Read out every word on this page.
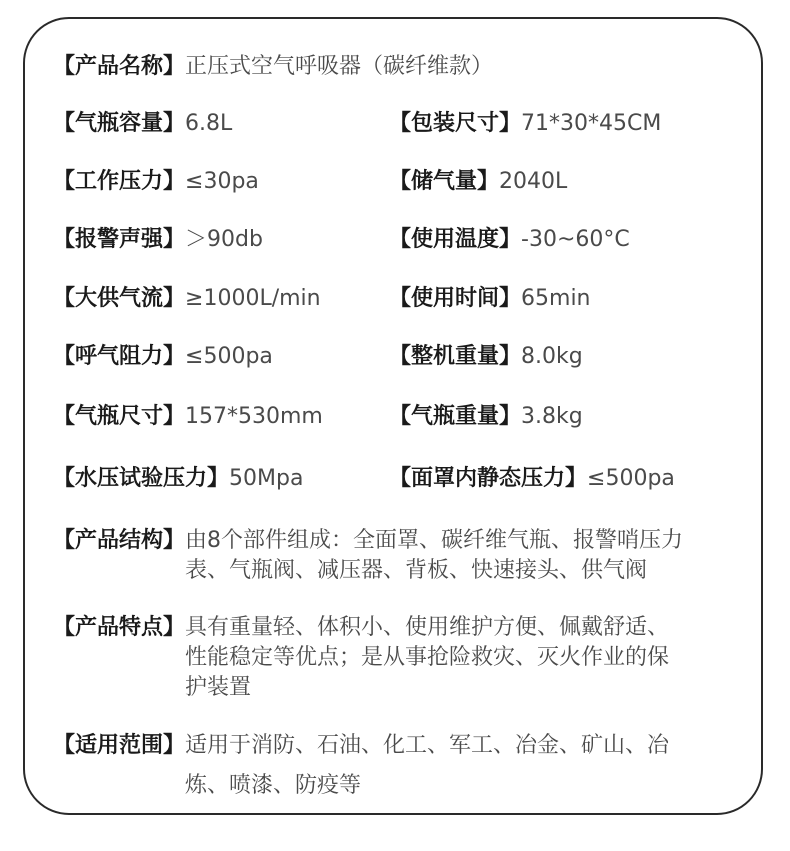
【产品名称】正压式空气呼吸器（碳纤维款）
【气瓶容量】6.8L
【工作压力】≤30pa
【报警声强】＞90db
【大供气流】≥1000L/min
【呼气阻力】≤500pa
【气瓶尺寸】157*530mm
【水压试验压力】50Mpa
【包装尺寸】71*30*45CM
【储气量】2040L
【使用温度】-30~60°C
【使用时间】65min
【整机重量】8.0kg
【气瓶重量】3.8kg
【面罩内静态压力】≤500pa
【产品结构】 由8个部件组成：全面罩、碳纤维气瓶、报警哨压力
表、气瓶阀、减压器、背板、快速接头、供气阀
【产品特点】 具有重量轻、体积小、使用维护方便、佩戴舒适、
性能稳定等优点；是从事抢险救灾、灭火作业的保
护装置
【适用范围】 适用于消防、石油、化工、军工、冶金、矿山、冶
炼、喷漆、防疫等
